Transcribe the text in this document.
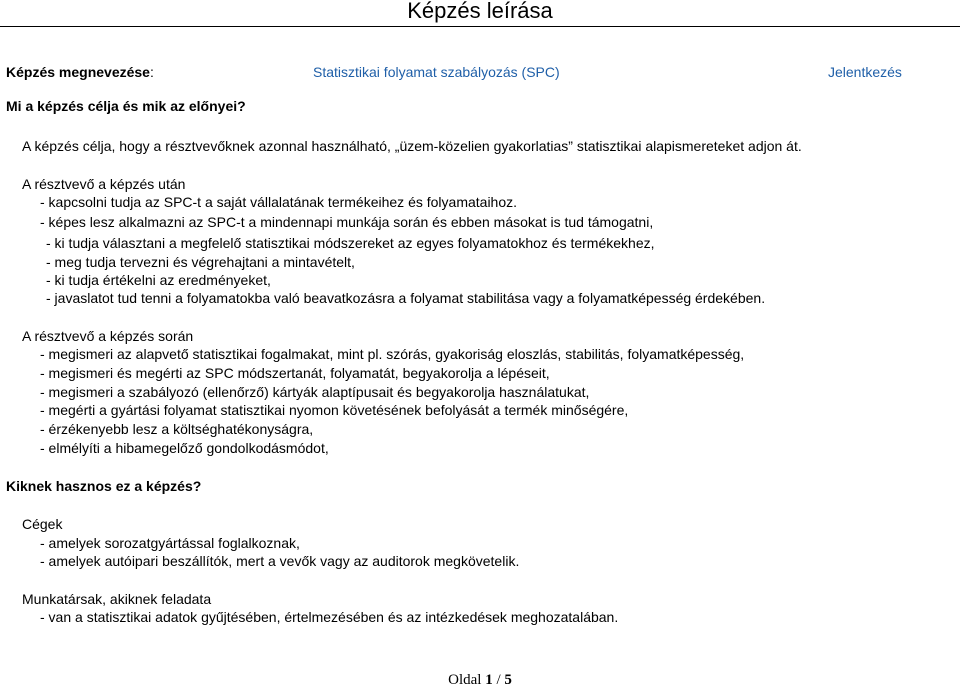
Képzés leírása
Képzés megnevezése:	Statisztikai folyamat szabályozás (SPC)	Jelentkezés
Mi a képzés célja és mik az előnyei?
A képzés célja, hogy a résztvevőknek azonnal használható, „üzem-közelien gyakorlatias” statisztikai alapismereteket adjon át.
A résztvevő a képzés után
- kapcsolni tudja az SPC-t a saját vállalatának termékeihez és folyamataihoz.
- képes lesz alkalmazni az SPC-t a mindennapi munkája során és ebben másokat is tud támogatni,
- ki tudja választani a megfelelő statisztikai módszereket az egyes folyamatokhoz és termékekhez,
- meg tudja tervezni és végrehajtani a mintavételt,
- ki tudja értékelni az eredményeket,
- javaslatot tud tenni a folyamatokba való beavatkozásra a folyamat stabilitása vagy a folyamatképesség érdekében.
A résztvevő a képzés során
- megismeri az alapvető statisztikai fogalmakat, mint pl. szórás, gyakoriság eloszlás, stabilitás, folyamatképesség,
- megismeri és megérti az SPC módszertanát, folyamatát, begyakorolja a lépéseit,
- megismeri a szabályozó (ellenőrző) kártyák alaptípusait és begyakorolja használatukat,
- megérti a gyártási folyamat statisztikai nyomon követésének befolyását a termék minőségére,
- érzékenyebb lesz a költséghatékonyságra,
- elmélyíti a hibamegelőző gondolkodásmódot,
Kiknek hasznos ez a képzés?
Cégek
- amelyek sorozatgyártással foglalkoznak,
- amelyek autóipari beszállítók, mert a vevők vagy az auditorok megkövetelik.
Munkatársak, akiknek feladata
- van a statisztikai adatok gyűjtésében, értelmezésében és az intézkedések meghozatalában.
Oldal 1 / 5
